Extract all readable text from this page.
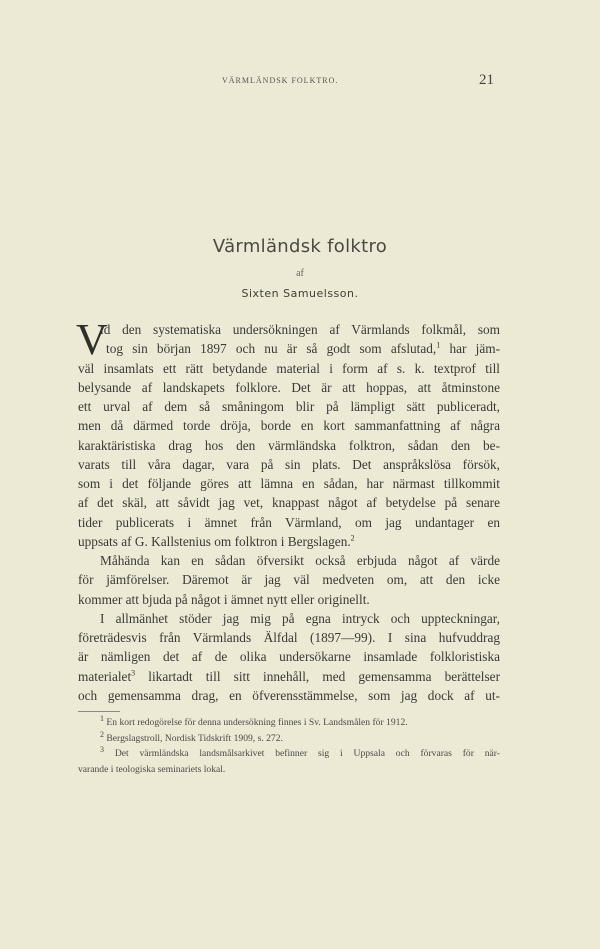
VÄRMLÄNDSK FOLKTRO.	21
Värmländsk folktro
af
Sixten Samuelsson.
V
id den systematiska undersökningen af Värmlands folkmål, som
tog sin början 1897 och nu är så godt som afslutad,$^1$ har jäm-
väl insamlats ett rätt betydande material i form af s. k. textprof till
belysande af landskapets folklore. Det är att hoppas, att åtminstone
ett urval af dem så småningom blir på lämpligt sätt publiceradt,
men då därmed torde dröja, borde en kort sammanfattning af några
karaktäristiska drag hos den värmländska folktron, sådan den be-
varats till våra dagar, vara på sin plats. Det anspråkslösa försök,
som i det följande göres att lämna en sådan, har närmast tillkommit
af det skäl, att såvidt jag vet, knappast något af betydelse på senare
tider publicerats i ämnet från Värmland, om jag undantager en
uppsats af G. Kallstenius om folktron i Bergslagen.$^2$
Måhända kan en sådan öfversikt också erbjuda något af värde
för jämförelser. Däremot är jag väl medveten om, att den icke
kommer att bjuda på något i ämnet nytt eller originellt.
I allmänhet stöder jag mig på egna intryck och uppteckningar,
företrädesvis från Värmlands Älfdal (1897—99). I sina hufvuddrag
är nämligen det af de olika undersökarne insamlade folkloristiska
materialet$^3$ likartadt till sitt innehåll, med gemensamma berättelser
och gemensamma drag, en öfverensstämmelse, som jag dock af ut-
$^1$ En kort redogörelse för denna undersökning finnes i Sv. Landsmålen för 1912.
$^2$ Bergslagstroll, Nordisk Tidskrift 1909, s. 272.
$^3$ Det värmländska landsmålsarkivet befinner sig i Uppsala och förvaras för när-
varande i teologiska seminariets lokal.
